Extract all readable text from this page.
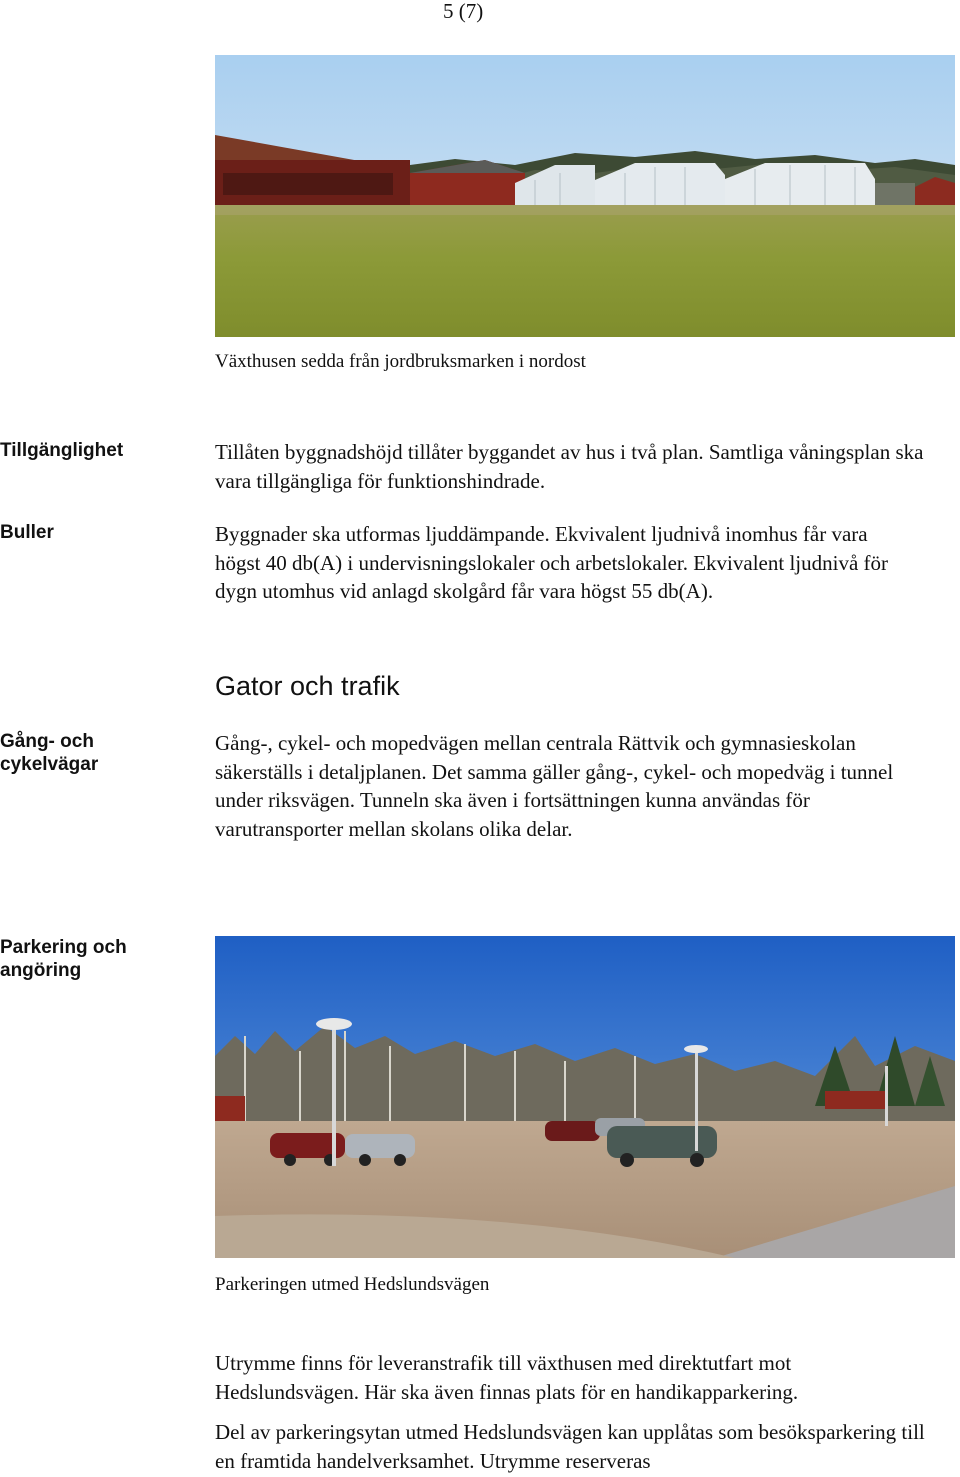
5 (7)
Växthusen sedda från jordbruksmarken i nordost
Tillgänglighet	Tillåten byggnadshöjd tillåter byggandet av hus i två plan. Samtliga våningsplan ska vara tillgängliga för funktionshindrade.
Buller	Byggnader ska utformas ljuddämpande. Ekvivalent ljudnivå inomhus får vara högst 40 db(A) i undervisningslokaler och arbetslokaler. Ekvivalent ljudnivå för dygn utomhus vid anlagd skolgård får vara högst 55 db(A).
Gator och trafik
Gång- och
cykelvägar
Gång-, cykel- och mopedvägen mellan centrala Rättvik och gymnasieskolan säkerställs i detaljplanen. Det samma gäller gång-, cykel- och mopedväg i tunnel under riksvägen. Tunneln ska även i fortsättningen kunna användas för varutransporter mellan skolans olika delar.
Parkering och
angöring
Parkeringen utmed Hedslundsvägen
Utrymme finns för leveranstrafik till växthusen med direktutfart mot Hedslundsvägen. Här ska även finnas plats för en handikapparkering.
Del av parkeringsytan utmed Hedslundsvägen kan upplåtas som besöksparkering till en framtida handelverksamhet. Utrymme reserveras
